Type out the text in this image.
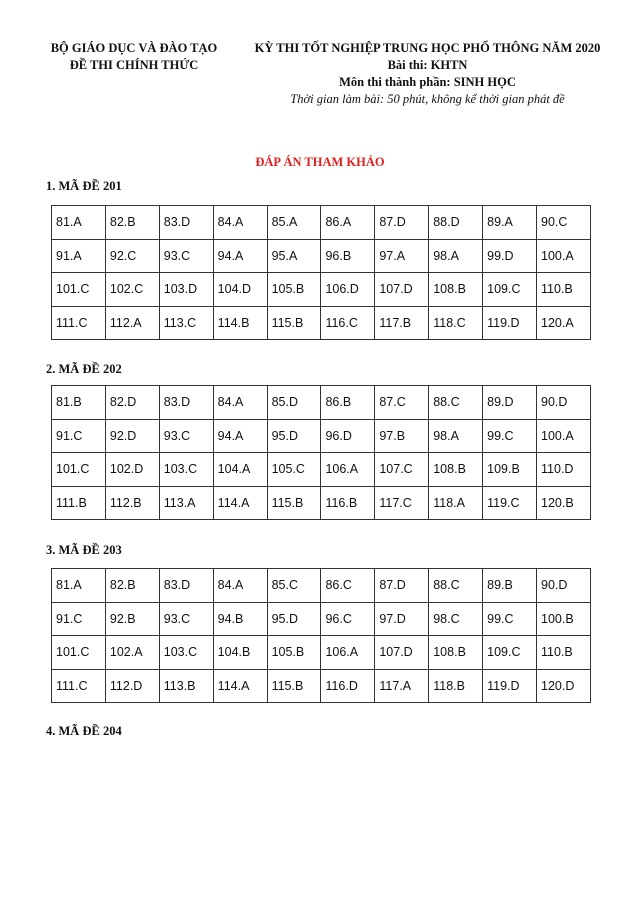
BỘ GIÁO DỤC VÀ ĐÀO TẠO
ĐỀ THI CHÍNH THỨC
KỲ THI TỐT NGHIỆP TRUNG HỌC PHỔ THÔNG NĂM 2020
Bài thi: KHTN
Môn thi thành phần: SINH HỌC
Thời gian làm bài: 50 phút, không kể thời gian phát đề
ĐÁP ÁN THAM KHẢO
1. MÃ ĐỀ 201
81.A	82.B	83.D	84.A	85.A	86.A	87.D	88.D	89.A	90.C
91.A	92.C	93.C	94.A	95.A	96.B	97.A	98.A	99.D	100.A
101.C	102.C	103.D	104.D	105.B	106.D	107.D	108.B	109.C	110.B
111.C	112.A	113.C	114.B	115.B	116.C	117.B	118.C	119.D	120.A
2. MÃ ĐỀ 202
81.B	82.D	83.D	84.A	85.D	86.B	87.C	88.C	89.D	90.D
91.C	92.D	93.C	94.A	95.D	96.D	97.B	98.A	99.C	100.A
101.C	102.D	103.C	104.A	105.C	106.A	107.C	108.B	109.B	110.D
111.B	112.B	113.A	114.A	115.B	116.B	117.C	118.A	119.C	120.B
3. MÃ ĐỀ 203
81.A	82.B	83.D	84.A	85.C	86.C	87.D	88.C	89.B	90.D
91.C	92.B	93.C	94.B	95.D	96.C	97.D	98.C	99.C	100.B
101.C	102.A	103.C	104.B	105.B	106.A	107.D	108.B	109.C	110.B
111.C	112.D	113.B	114.A	115.B	116.D	117.A	118.B	119.D	120.D
4. MÃ ĐỀ 204
